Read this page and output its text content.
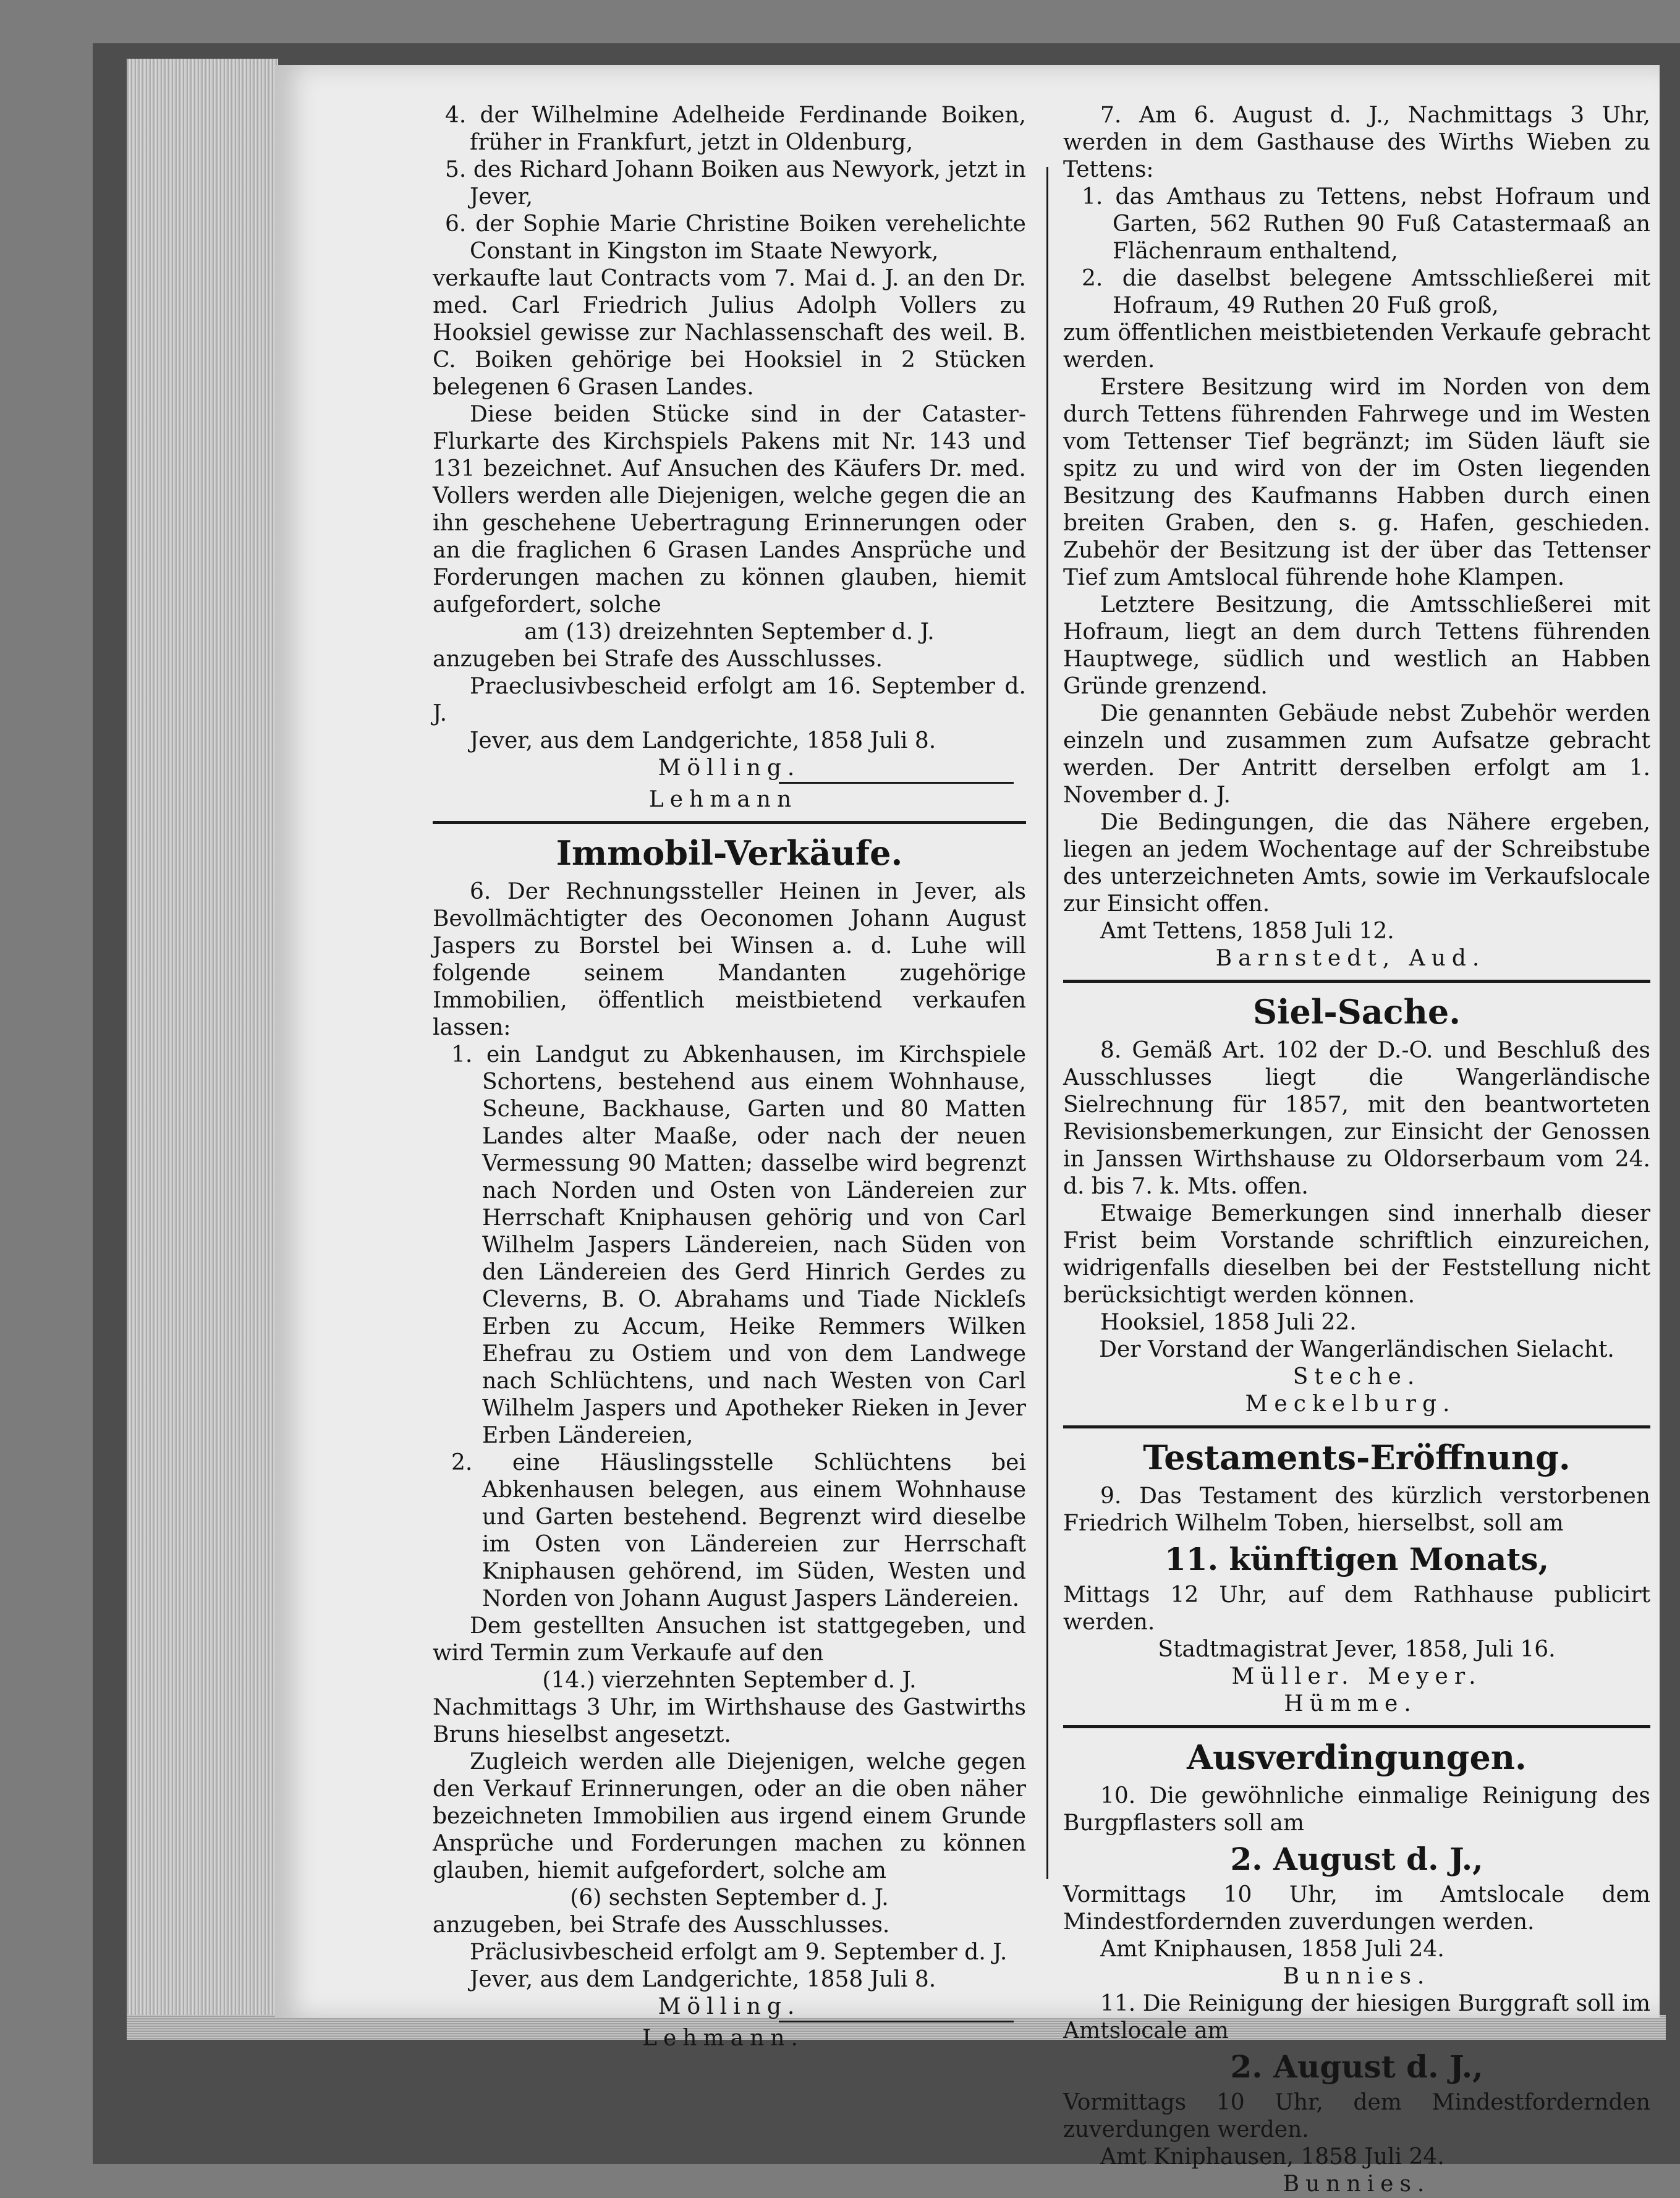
4. der Wilhelmine Adelheide Ferdinande Boiken, früher in Frankfurt, jetzt in Oldenburg,

5. des Richard Johann Boiken aus Newyork, jetzt in Jever,

6. der Sophie Marie Christine Boiken verehelichte Constant in Kingston im Staate Newyork,

verkaufte laut Contracts vom 7. Mai d. J. an den Dr. med. Carl Friedrich Julius Adolph Vollers zu Hooksiel gewisse zur Nachlassenschaft des weil. B. C. Boiken gehörige bei Hooksiel in 2 Stücken belegenen 6 Grasen Landes.

Diese beiden Stücke sind in der Cataster-Flurkarte des Kirchspiels Pakens mit Nr. 143 und 131 bezeichnet. Auf Ansuchen des Käufers Dr. med. Vollers werden alle Diejenigen, welche gegen die an ihn geschehene Uebertragung Erinnerungen oder an die fraglichen 6 Grasen Landes Ansprüche und Forderungen machen zu können glauben, hiemit aufgefordert, solche

am (13) dreizehnten September d. J.

anzugeben bei Strafe des Ausschlusses.

Praeclusivbescheid erfolgt am 16. September d. J.

Jever, aus dem Landgerichte, 1858 Juli 8.

Mölling.

Lehmann

Immobil-Verkäufe.

6. Der Rechnungssteller Heinen in Jever, als Bevollmächtigter des Oeconomen Johann August Jaspers zu Borstel bei Winsen a. d. Luhe will folgende seinem Mandanten zugehörige Immobilien, öffentlich meistbietend verkaufen lassen:

1. ein Landgut zu Abkenhausen, im Kirchspiele Schortens, bestehend aus einem Wohnhause, Scheune, Backhause, Garten und 80 Matten Landes alter Maaße, oder nach der neuen Vermessung 90 Matten; dasselbe wird begrenzt nach Norden und Osten von Ländereien zur Herrschaft Kniphausen gehörig und von Carl Wilhelm Jaspers Ländereien, nach Süden von den Ländereien des Gerd Hinrich Gerdes zu Cleverns, B. O. Abrahams und Tiade Nickleſs Erben zu Accum, Heike Remmers Wilken Ehefrau zu Ostiem und von dem Landwege nach Schlüchtens, und nach Westen von Carl Wilhelm Jaspers und Apotheker Rieken in Jever Erben Ländereien,

2. eine Häuslingsstelle Schlüchtens bei Abkenhausen belegen, aus einem Wohnhause und Garten bestehend. Begrenzt wird dieselbe im Osten von Ländereien zur Herrschaft Kniphausen gehörend, im Süden, Westen und Norden von Johann August Jaspers Ländereien.

Dem gestellten Ansuchen ist stattgegeben, und wird Termin zum Verkaufe auf den

(14.) vierzehnten September d. J.

Nachmittags 3 Uhr, im Wirthshause des Gastwirths Bruns hieselbst angesetzt.

Zugleich werden alle Diejenigen, welche gegen den Verkauf Erinnerungen, oder an die oben näher bezeichneten Immobilien aus irgend einem Grunde Ansprüche und Forderungen machen zu können glauben, hiemit aufgefordert, solche am

(6) sechsten September d. J.

anzugeben, bei Strafe des Ausschlusses.

Präclusivbescheid erfolgt am 9. September d. J.

Jever, aus dem Landgerichte, 1858 Juli 8.

Mölling.

Lehmann.

7. Am 6. August d. J., Nachmittags 3 Uhr, werden in dem Gasthause des Wirths Wieben zu Tettens:

1. das Amthaus zu Tettens, nebst Hofraum und Garten, 562 Ruthen 90 Fuß Catastermaaß an Flächenraum enthaltend,

2. die daselbst belegene Amtsschließerei mit Hofraum, 49 Ruthen 20 Fuß groß,

zum öffentlichen meistbietenden Verkaufe gebracht werden.

Erstere Besitzung wird im Norden von dem durch Tettens führenden Fahrwege und im Westen vom Tettenser Tief begränzt; im Süden läuft sie spitz zu und wird von der im Osten liegenden Besitzung des Kaufmanns Habben durch einen breiten Graben, den s. g. Hafen, geschieden. Zubehör der Besitzung ist der über das Tettenser Tief zum Amtslocal führende hohe Klampen.

Letztere Besitzung, die Amtsschließerei mit Hofraum, liegt an dem durch Tettens führenden Hauptwege, südlich und westlich an Habben Gründe grenzend.

Die genannten Gebäude nebst Zubehör werden einzeln und zusammen zum Aufsatze gebracht werden. Der Antritt derselben erfolgt am 1. November d. J.

Die Bedingungen, die das Nähere ergeben, liegen an jedem Wochentage auf der Schreibstube des unterzeichneten Amts, sowie im Verkaufslocale zur Einsicht offen.

Amt Tettens, 1858 Juli 12.

Barnstedt, Aud.

Siel-Sache.

8. Gemäß Art. 102 der D.-O. und Beschluß des Ausschlusses liegt die Wangerländische Sielrechnung für 1857, mit den beantworteten Revisionsbemerkungen, zur Einsicht der Genossen in Janssen Wirthshause zu Oldorserbaum vom 24. d. bis 7. k. Mts. offen.

Etwaige Bemerkungen sind innerhalb dieser Frist beim Vorstande schriftlich einzureichen, widrigenfalls dieselben bei der Feststellung nicht berücksichtigt werden können.

Hooksiel, 1858 Juli 22.

Der Vorstand der Wangerländischen Sielacht.

Steche.

Meckelburg.

Testaments-Eröffnung.

9. Das Testament des kürzlich verstorbenen Friedrich Wilhelm Toben, hierselbst, soll am

11. künftigen Monats,

Mittags 12 Uhr, auf dem Rathhause publicirt werden.

Stadtmagistrat Jever, 1858, Juli 16.

Müller. Meyer.

Hümme.

Ausverdingungen.

10. Die gewöhnliche einmalige Reinigung des Burgpflasters soll am

2. August d. J.,

Vormittags 10 Uhr, im Amtslocale dem Mindestfordernden zuverdungen werden.

Amt Kniphausen, 1858 Juli 24.

Bunnies.

11. Die Reinigung der hiesigen Burggraft soll im Amtslocale am

2. August d. J.,

Vormittags 10 Uhr, dem Mindestfordernden zuverdungen werden.

Amt Kniphausen, 1858 Juli 24.

Bunnies.
